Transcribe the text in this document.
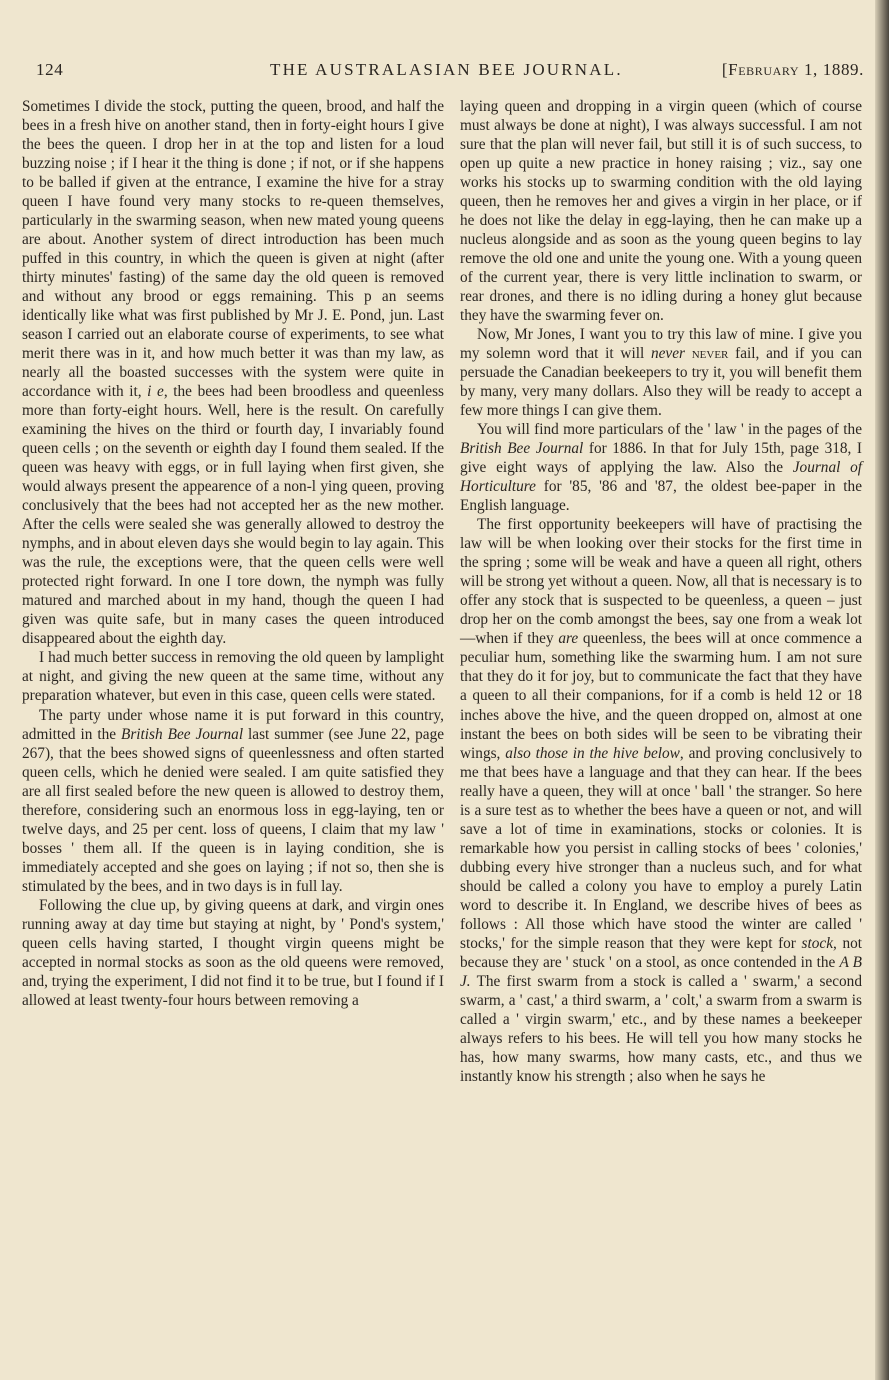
124	THE AUSTRALASIAN BEE JOURNAL.	[February 1, 1889.

Sometimes I divide the stock, putting the queen, brood, and half the bees in a fresh hive on another stand, then in forty-eight hours I give the bees the queen. I drop her in at the top and listen for a loud buzzing noise ; if I hear it the thing is done ; if not, or if she happens to be balled if given at the entrance, I examine the hive for a stray queen I have found very many stocks to re-queen themselves, particularly in the swarming season, when new mated young queens are about. Another system of direct introduction has been much puffed in this country, in which the queen is given at night (after thirty minutes' fasting) of the same day the old queen is removed and without any brood or eggs remaining. This p an seems identically like what was first published by Mr J. E. Pond, jun. Last season I carried out an elaborate course of experiments, to see what merit there was in it, and how much better it was than my law, as nearly all the boasted successes with the system were quite in accordance with it, i e, the bees had been broodless and queenless more than forty-eight hours. Well, here is the result. On carefully examining the hives on the third or fourth day, I invariably found queen cells ; on the seventh or eighth day I found them sealed. If the queen was heavy with eggs, or in full laying when first given, she would always present the appearence of a non-l ying queen, proving conclusively that the bees had not accepted her as the new mother. After the cells were sealed she was generally allowed to destroy the nymphs, and in about eleven days she would begin to lay again. This was the rule, the exceptions were, that the queen cells were well protected right forward. In one I tore down, the nymph was fully matured and marched about in my hand, though the queen I had given was quite safe, but in many cases the queen introduced disappeared about the eighth day.

I had much better success in removing the old queen by lamplight at night, and giving the new queen at the same time, without any preparation whatever, but even in this case, queen cells were stated.

The party under whose name it is put forward in this country, admitted in the British Bee Journal last summer (see June 22, page 267), that the bees showed signs of queenlessness and often started queen cells, which he denied were sealed. I am quite satisfied they are all first sealed before the new queen is allowed to destroy them, therefore, considering such an enormous loss in egg-laying, ten or twelve days, and 25 per cent. loss of queens, I claim that my law ' bosses ' them all. If the queen is in laying condition, she is immediately accepted and she goes on laying ; if not so, then she is stimulated by the bees, and in two days is in full lay.

Following the clue up, by giving queens at dark, and virgin ones running away at day time but staying at night, by ' Pond's system,' queen cells having started, I thought virgin queens might be accepted in normal stocks as soon as the old queens were removed, and, trying the experiment, I did not find it to be true, but I found if I allowed at least twenty-four hours between removing a

laying queen and dropping in a virgin queen (which of course must always be done at night), I was always successful. I am not sure that the plan will never fail, but still it is of such success, to open up quite a new practice in honey raising ; viz., say one works his stocks up to swarming condition with the old laying queen, then he removes her and gives a virgin in her place, or if he does not like the delay in egg-laying, then he can make up a nucleus alongside and as soon as the young queen begins to lay remove the old one and unite the young one. With a young queen of the current year, there is very little inclination to swarm, or rear drones, and there is no idling during a honey glut because they have the swarming fever on.

Now, Mr Jones, I want you to try this law of mine. I give you my solemn word that it will never never fail, and if you can persuade the Canadian beekeepers to try it, you will benefit them by many, very many dollars. Also they will be ready to accept a few more things I can give them.

You will find more particulars of the ' law ' in the pages of the British Bee Journal for 1886. In that for July 15th, page 318, I give eight ways of applying the law. Also the Journal of Horticulture for '85, '86 and '87, the oldest bee-paper in the English language.

The first opportunity beekeepers will have of practising the law will be when looking over their stocks for the first time in the spring ; some will be weak and have a queen all right, others will be strong yet without a queen. Now, all that is necessary is to offer any stock that is suspected to be queenless, a queen – just drop her on the comb amongst the bees, say one from a weak lot—when if they are queenless, the bees will at once commence a peculiar hum, something like the swarming hum. I am not sure that they do it for joy, but to communicate the fact that they have a queen to all their companions, for if a comb is held 12 or 18 inches above the hive, and the queen dropped on, almost at one instant the bees on both sides will be seen to be vibrating their wings, also those in the hive below, and proving conclusively to me that bees have a language and that they can hear. If the bees really have a queen, they will at once ' ball ' the stranger. So here is a sure test as to whether the bees have a queen or not, and will save a lot of time in examinations, stocks or colonies. It is remarkable how you persist in calling stocks of bees ' colonies,' dubbing every hive stronger than a nucleus such, and for what should be called a colony you have to employ a purely Latin word to describe it. In England, we describe hives of bees as follows : All those which have stood the winter are called ' stocks,' for the simple reason that they were kept for stock, not because they are ' stuck ' on a stool, as once contended in the A B J. The first swarm from a stock is called a ' swarm,' a second swarm, a ' cast,' a third swarm, a ' colt,' a swarm from a swarm is called a ' virgin swarm,' etc., and by these names a beekeeper always refers to his bees. He will tell you how many stocks he has, how many swarms, how many casts, etc., and thus we instantly know his strength ; also when he says he
